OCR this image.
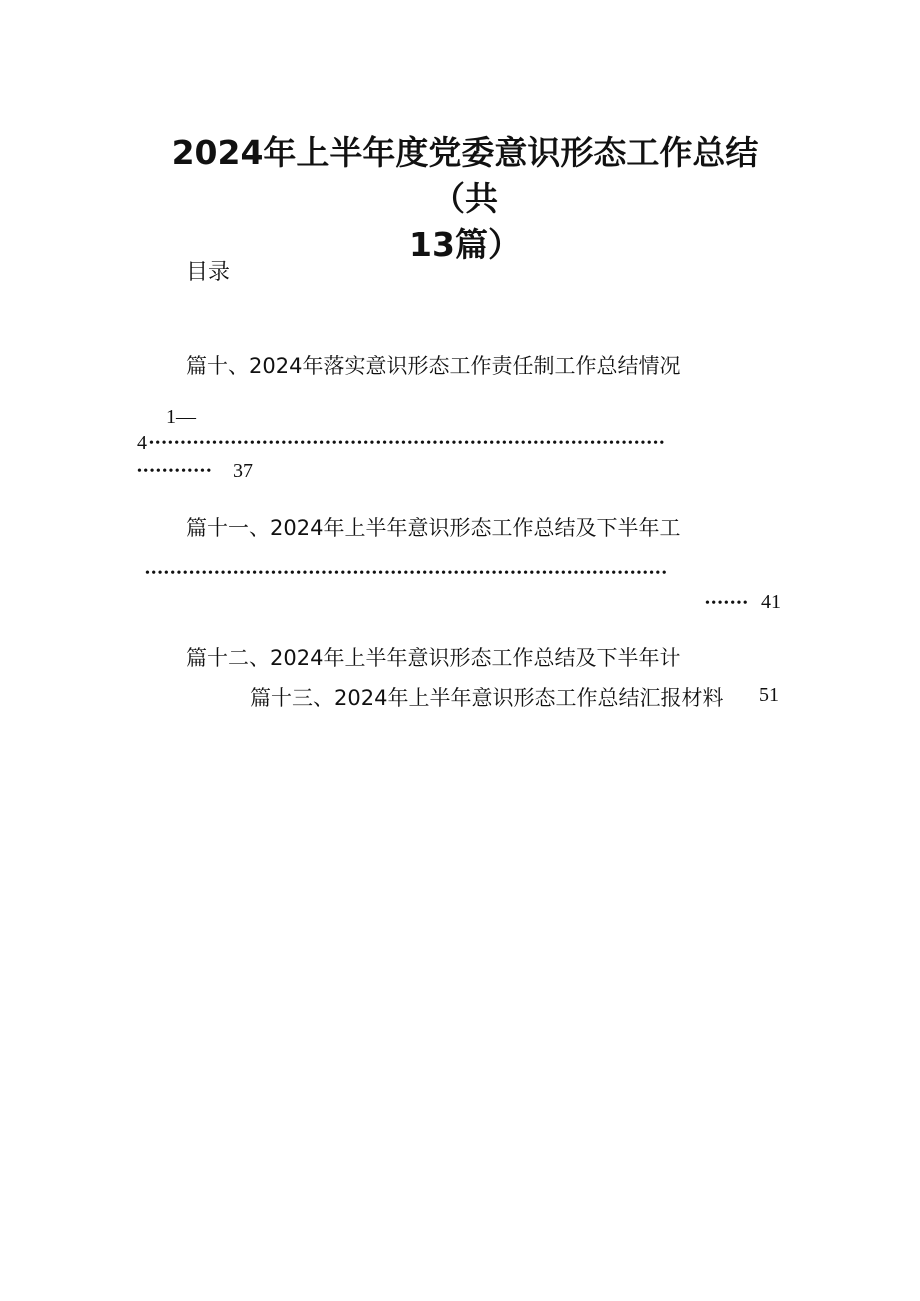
2024年上半年度党委意识形态工作总结（共
13篇）
目录
篇十、2024年落实意识形态工作责任制工作总结情况
1—
4 ••••••••••••••••••••••••••••••••••••••••••••••••••••••••••••••••••••••••••••••••••
••••••••••••	37
篇十一、2024年上半年意识形态工作总结及下半年工
•••••••••••••••••••••••••••••••••••••••••••••••••••••••••••••••••••••••••••••••••••
••••••• 41
篇十二、2024年上半年意识形态工作总结及下半年计
篇十三、2024年上半年意识形态工作总结汇报材料 51
